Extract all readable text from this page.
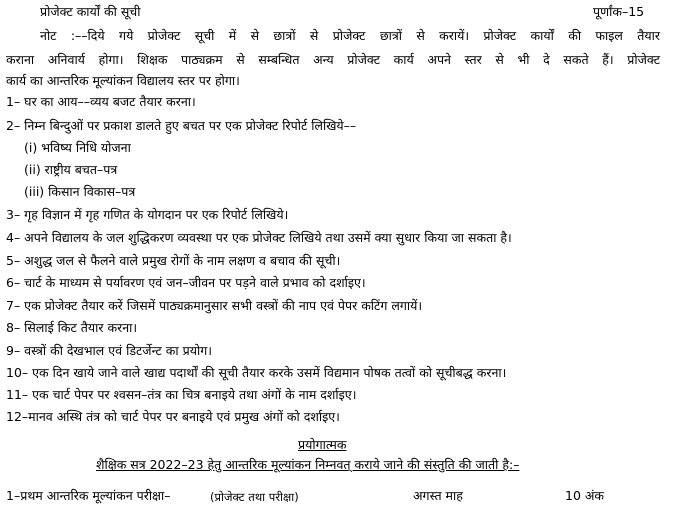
प्रोजेक्ट कार्यों की सूची	पूर्णांक–15
नोट :––दिये गये प्रोजेक्ट सूची में से छात्रों से प्रोजेक्ट छात्रों से करायें। प्रोजेक्ट कार्यों की फाइल तैयार
कराना अनिवार्य होगा। शिक्षक पाठ्यक्रम से सम्बन्धित अन्य प्रोजेक्ट कार्य अपने स्तर से भी दे सकते हैं। प्रोजेक्ट
कार्य का आन्तरिक मूल्यांकन विद्यालय स्तर पर होगा।
1– घर का आय––व्यय बजट तैयार करना।
2– निम्न बिन्दुओं पर प्रकाश डालते हुए बचत पर एक प्रोजेक्ट रिपोर्ट लिखिये––
(i) भविष्य निधि योजना
(ii) राष्ट्रीय बचत–पत्र
(iii) किसान विकास–पत्र
3– गृह विज्ञान में गृह गणित के योगदान पर एक रिपोर्ट लिखिये।
4– अपने विद्यालय के जल शुद्धिकरण व्यवस्था पर एक प्रोजेक्ट लिखिये तथा उसमें क्या सुधार किया जा सकता है।
5– अशुद्ध जल से फैलने वाले प्रमुख रोगों के नाम लक्षण व बचाव की सूची।
6– चार्ट के माध्यम से पर्यावरण एवं जन–जीवन पर पड़ने वाले प्रभाव को दर्शाइए।
7– एक प्रोजेक्ट तैयार करें जिसमें पाठ्यक्रमानुसार सभी वस्त्रों की नाप एवं पेपर कटिंग लगायें।
8– सिलाई किट तैयार करना।
9– वस्त्रों की देखभाल एवं डिटर्जेन्ट का प्रयोग।
10– एक दिन खाये जाने वाले खाद्य पदार्थों की सूची तैयार करके उसमें विद्यमान पोषक तत्वों को सूचीबद्ध करना।
11– एक चार्ट पेपर पर श्वसन–तंत्र का चित्र बनाइये तथा अंगों के नाम दर्शाइए।
12–मानव अस्थि तंत्र को चार्ट पेपर पर बनाइये एवं प्रमुख अंगों को दर्शाइए।
प्रयोगात्मक
शैक्षिक सत्र 2022–23 हेतु आन्तरिक मूल्यांकन निम्नवत् कराये जाने की संस्तुति की जाती है:–
1–प्रथम आन्तरिक मूल्यांकन परीक्षा–	(प्रोजेक्ट तथा परीक्षा)	अगस्त माह	10 अंक
